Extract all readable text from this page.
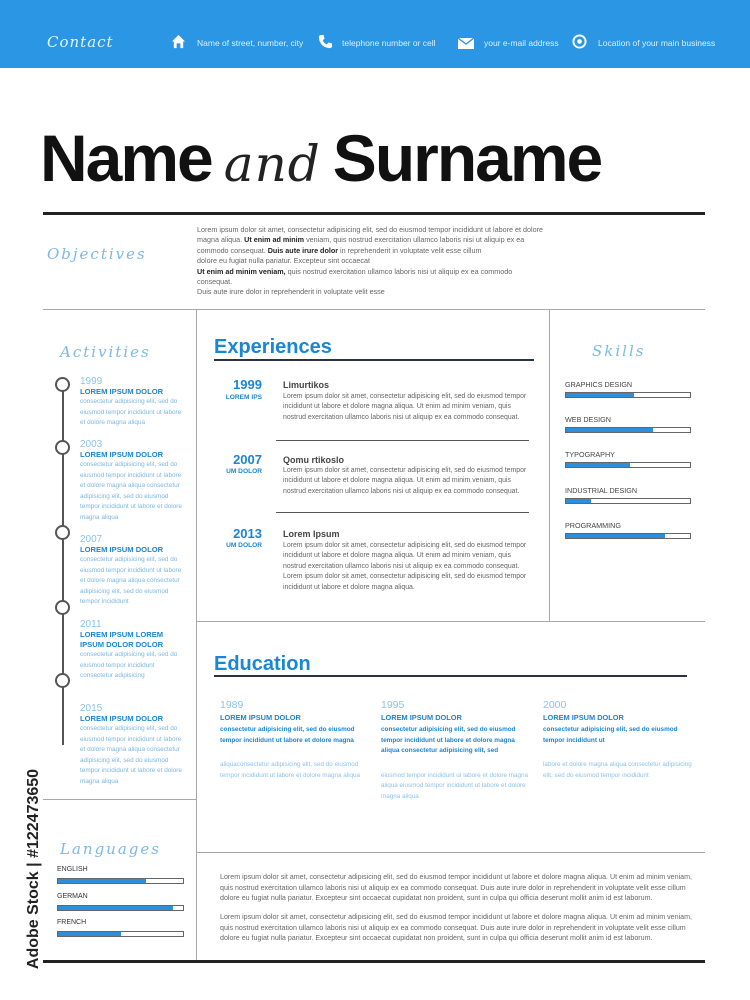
Contact	Name of street, number, city	telephone number or cell	your e-mail address	Location of your main business
Name and Surname
Objectives
Lorem ipsum dolor sit amet, consectetur adipisicing elit, sed do eiusmod tempor incididunt ut labore et dolore
magna aliqua. Ut enim ad minim veniam, quis nostrud exercitation ullamco laboris nisi ut aliquip ex ea
commodo consequat. Duis aute irure dolor in reprehenderit in voluptate velit esse cillum
dolore eu fugiat nulla pariatur. Excepteur sint occaecat
Ut enim ad minim veniam, quis nostrud exercitation ullamco laboris nisi ut aliquip ex ea commodo consequat.
Duis aute irure dolor in reprehenderit in voluptate velit esse
Activities
1999
LOREM IPSUM DOLOR
consectetur adipisicing elit, sed do eiusmod tempor incididunt ut labore et dolore magna aliqua
2003
LOREM IPSUM DOLOR
consectetur adipisicing elit, sed do eiusmod tempor incididunt ut labore et dolore magna aliqua consectetur adipisicing elit, sed do eiusmod tempor incididunt ut labore et dolore magna aliqua
2007
LOREM IPSUM DOLOR
consectetur adipisicing elit, sed do eiusmod tempor incididunt ut labore et dolore magna aliqua consectetur adipisicing elit, sed do eiusmod tempor incididunt
2011
LOREM IPSUM LOREM IPSUM DOLOR DOLOR
consectetur adipisicing elit, sed do eiusmod tempor incididunt consectetur adipisicing
2015
LOREM IPSUM DOLOR
consectetur adipisicing elit, sed do eiusmod tempor incididunt ut labore et dolore magna aliqua consectetur adipisicing elit, sed do eiusmod tempor incididunt ut labore et dolore magna aliqua
Experiences
1999
LOREM IPS
Limurtikos
Lorem ipsum dolor sit amet, consectetur adipisicing elit, sed do eiusmod tempor incididunt ut labore et dolore magna aliqua. Ut enim ad minim veniam, quis nostrud exercitation ullamco laboris nisi ut aliquip ex ea commodo consequat.
2007
UM DOLOR
Qomu rtikoslo
Lorem ipsum dolor sit amet, consectetur adipisicing elit, sed do eiusmod tempor incididunt ut labore et dolore magna aliqua. Ut enim ad minim veniam, quis nostrud exercitation ullamco laboris nisi ut aliquip ex ea commodo consequat.
2013
UM DOLOR
Lorem Ipsum
Lorem ipsum dolor sit amet, consectetur adipisicing elit, sed do eiusmod tempor incididunt ut labore et dolore magna aliqua. Ut enim ad minim veniam, quis nostrud exercitation ullamco laboris nisi ut aliquip ex ea commodo consequat. Lorem ipsum dolor sit amet, consectetur adipisicing elit, sed do eiusmod tempor incididunt ut labore et dolore magna aliqua.
Skills
GRAPHICS DESIGN
WEB DESIGN
TYPOGRAPHY
INDUSTRIAL DESIGN
PROGRAMMING
Education
1989
LOREM IPSUM DOLOR
consectetur adipisicing elit, sed do eiusmod tempor incididunt ut labore et dolore magna
aliquaconsectetur adipisicing elit, sed do eiusmod tempor incididunt ut labore et dolore magna aliqua
1995
LOREM IPSUM DOLOR
consectetur adipisicing elit, sed do eiusmod tempor incididunt ut labore et dolore magna aliqua consectetur adipisicing elit, sed
eiusmod tempor incididunt ut labore et dolore magna aliqua eiusmod tempor incididunt ut labore et dolore magna aliqua
2000
LOREM IPSUM DOLOR
consectetur adipisicing elit, sed do eiusmod tempor incididunt ut
labore et dolore magna aliqua consectetur adipisicing elit, sed do eiusmod tempor incididunt
Languages
ENGLISH
GERMAN
FRENCH
Lorem ipsum dolor sit amet, consectetur adipisicing elit, sed do eiusmod tempor incididunt ut labore et dolore magna aliqua. Ut enim ad minim veniam, quis nostrud exercitation ullamco laboris nisi ut aliquip ex ea commodo consequat. Duis aute irure dolor in reprehenderit in voluptate velit esse cillum dolore eu fugiat nulla pariatur. Excepteur sint occaecat cupidatat non proident, sunt in culpa qui officia deserunt mollit anim id est laborum.
Lorem ipsum dolor sit amet, consectetur adipisicing elit, sed do eiusmod tempor incididunt ut labore et dolore magna aliqua. Ut enim ad minim veniam, quis nostrud exercitation ullamco laboris nisi ut aliquip ex ea commodo consequat. Duis aute irure dolor in reprehenderit in voluptate velit esse cillum dolore eu fugiat nulla pariatur. Excepteur sint occaecat cupidatat non proident, sunt in culpa qui officia deserunt mollit anim id est laborum.
Adobe Stock | #122473650
